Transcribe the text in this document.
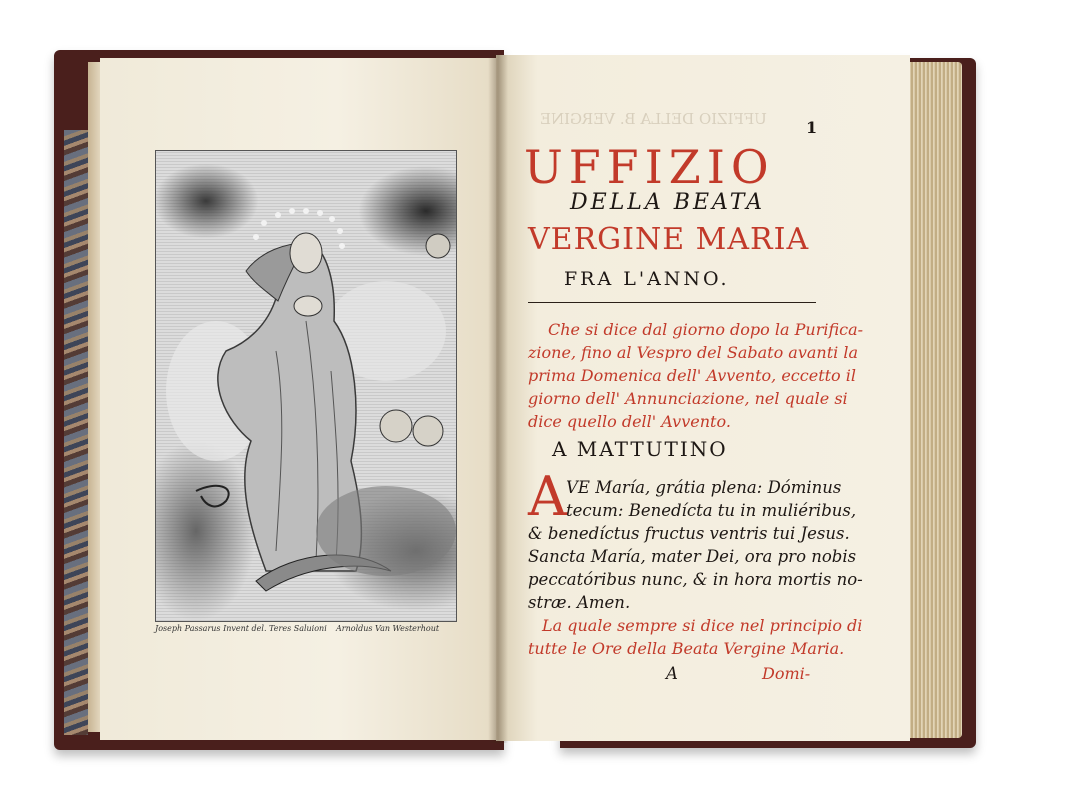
Joseph Passarus Invent del. Teres Saluioni Arnoldus Van Westerhout
UFFIZIO DELLA B. VERGINE 1
UFFIZIO
DELLA BEATA
VERGINE MARIA
FRA L'ANNO.
Che si dice dal giorno dopo la Purifica-
zione, fino al Vespro del Sabato avanti la
prima Domenica dell' Avvento, eccetto il
giorno dell' Annunciazione, nel quale si
dice quello dell' Avvento.
A MATTUTINO
A VE María, grátia plena: Dóminus
tecum: Benedícta tu in muliéribus,
& benedíctus fructus ventris tui Jesus.
Sancta María, mater Dei, ora pro nobis
peccatóribus nunc, & in hora mortis no-
stræ. Amen.
La quale sempre si dice nel principio di
tutte le Ore della Beata Vergine Maria.
A	Domi-
